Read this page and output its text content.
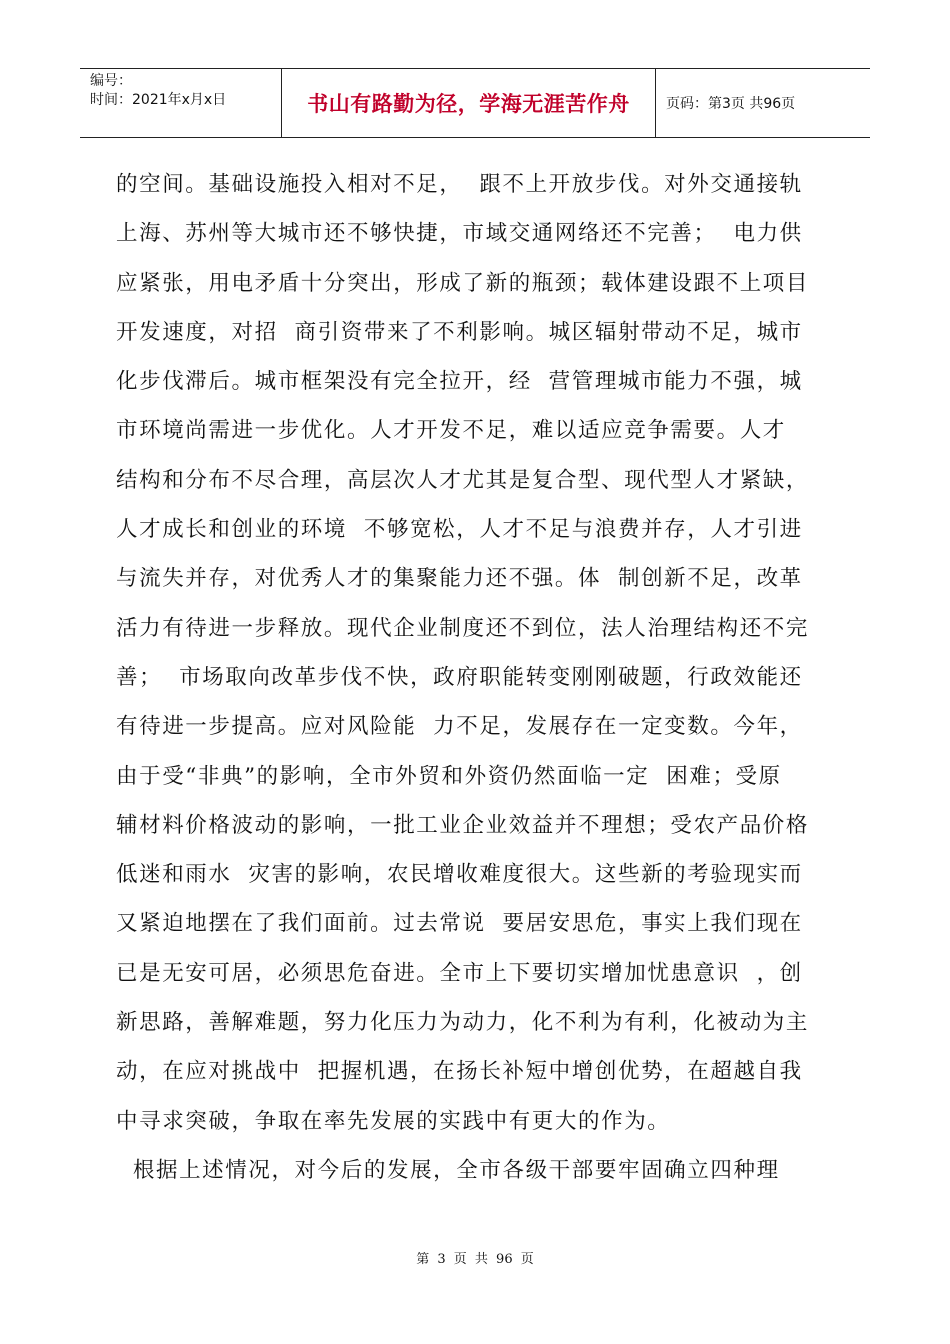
编号：
时间：2021年x月x日	书山有路勤为径，学海无涯苦作舟	页码：第3页 共96页
的空间。基础设施投入相对不足，  跟不上开放步伐。对外交通接轨
上海、苏州等大城市还不够快捷，市域交通网络还不完善；  电力供
应紧张，用电矛盾十分突出，形成了新的瓶颈；载体建设跟不上项目
开发速度，对招  商引资带来了不利影响。城区辐射带动不足，城市
化步伐滞后。城市框架没有完全拉开，经  营管理城市能力不强，城
市环境尚需进一步优化。人才开发不足，难以适应竞争需要。人才
结构和分布不尽合理，高层次人才尤其是复合型、现代型人才紧缺，
人才成长和创业的环境  不够宽松，人才不足与浪费并存，人才引进
与流失并存，对优秀人才的集聚能力还不强。体  制创新不足，改革
活力有待进一步释放。现代企业制度还不到位，法人治理结构还不完
善；  市场取向改革步伐不快，政府职能转变刚刚破题，行政效能还
有待进一步提高。应对风险能  力不足，发展存在一定变数。今年，
由于受“非典”的影响，全市外贸和外资仍然面临一定  困难；受原
辅材料价格波动的影响，一批工业企业效益并不理想；受农产品价格
低迷和雨水  灾害的影响，农民增收难度很大。这些新的考验现实而
又紧迫地摆在了我们面前。过去常说  要居安思危，事实上我们现在
已是无安可居，必须思危奋进。全市上下要切实增加忧患意识  ，创
新思路，善解难题，努力化压力为动力，化不利为有利，化被动为主
动，在应对挑战中  把握机遇，在扬长补短中增创优势，在超越自我
中寻求突破，争取在率先发展的实践中有更大的作为。
根据上述情况，对今后的发展，全市各级干部要牢固确立四种理
第 3 页 共 96 页
